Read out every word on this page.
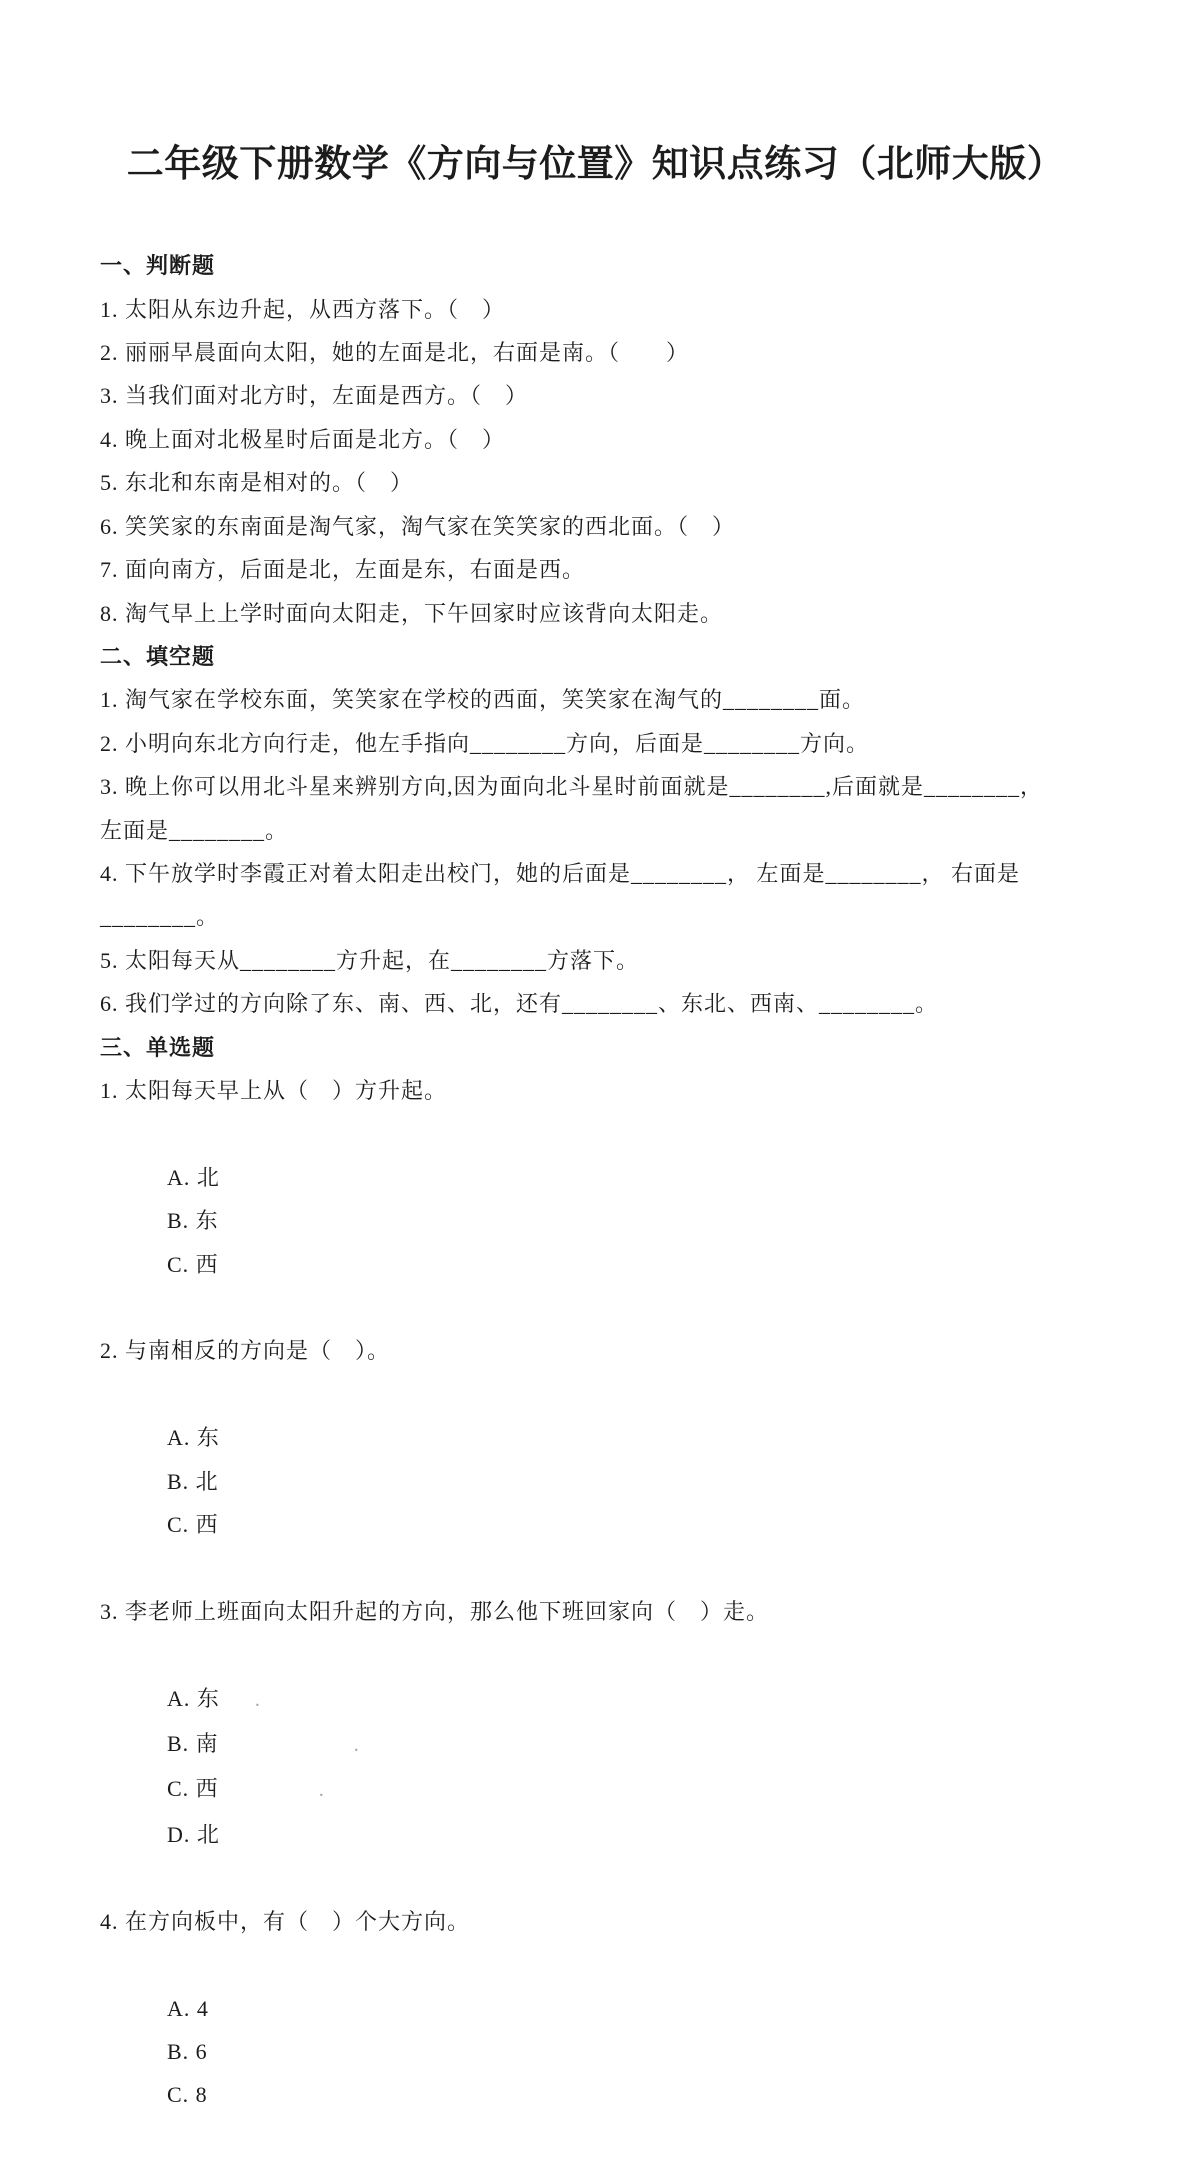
二年级下册数学《方向与位置》知识点练习（北师大版）
一、判断题
1. 太阳从东边升起，从西方落下。（　）
2. 丽丽早晨面向太阳，她的左面是北，右面是南。（　　）
3. 当我们面对北方时，左面是西方。（　）
4. 晚上面对北极星时后面是北方。（　）
5. 东北和东南是相对的。（　）
6. 笑笑家的东南面是淘气家，淘气家在笑笑家的西北面。（　）
7. 面向南方，后面是北，左面是东，右面是西。
8. 淘气早上上学时面向太阳走，下午回家时应该背向太阳走。
二、填空题
1. 淘气家在学校东面，笑笑家在学校的西面，笑笑家在淘气的________面。
2. 小明向东北方向行走，他左手指向________方向，后面是________方向。
3. 晚上你可以用北斗星来辨别方向,因为面向北斗星时前面就是________,后面就是________，
左面是________。
4. 下午放学时李霞正对着太阳走出校门，她的后面是________， 左面是________， 右面是
________。
5. 太阳每天从________方升起，在________方落下。
6. 我们学过的方向除了东、南、西、北，还有________、东北、西南、________。
三、单选题
1. 太阳每天早上从（　）方升起。

A. 北
B. 东
C. 西

2. 与南相反的方向是（　）。

A. 东
B. 北
C. 西

3. 李老师上班面向太阳升起的方向，那么他下班回家向（　）走。

A. 东 .
B. 南	.
C. 西	.
D. 北

4. 在方向板中，有（　）个大方向。

A. 4
B. 6
C. 8
